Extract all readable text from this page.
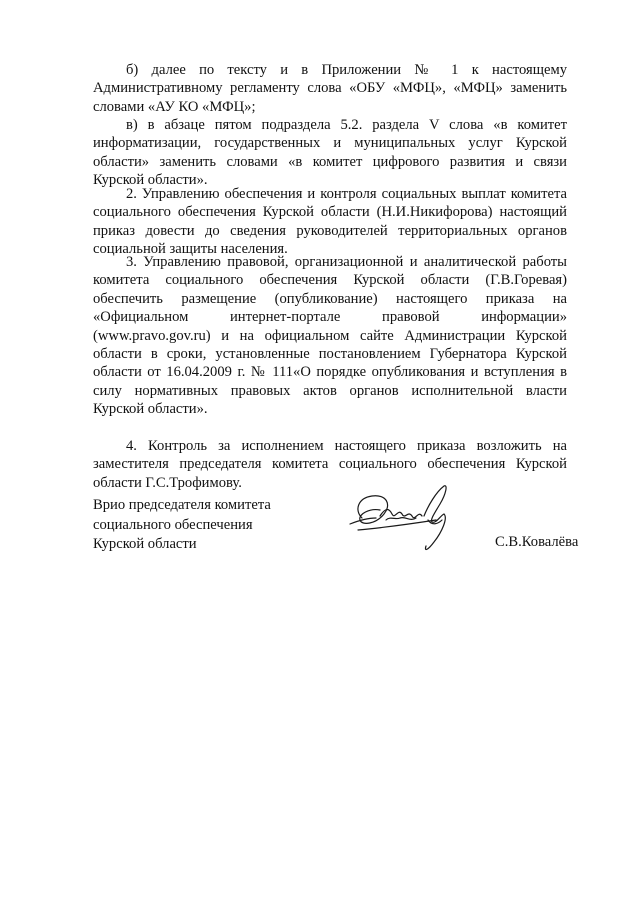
б) далее по тексту и в Приложении № 1 к настоящему Административному регламенту слова «ОБУ «МФЦ», «МФЦ» заменить словами «АУ КО «МФЦ»;

в) в абзаце пятом подраздела 5.2. раздела V слова «в комитет информатизации, государственных и муниципальных услуг Курской области» заменить словами «в комитет цифрового развития и связи Курской области».

2. Управлению обеспечения и контроля социальных выплат комитета социального обеспечения Курской области (Н.И.Никифорова) настоящий приказ довести до сведения руководителей территориальных органов социальной защиты населения.

3. Управлению правовой, организационной и аналитической работы комитета социального обеспечения Курской области (Г.В.Горевая) обеспечить размещение (опубликование) настоящего приказа на «Официальном интернет-портале правовой информации» (www.pravo.gov.ru) и на официальном сайте Администрации Курской области в сроки, установленные постановлением Губернатора Курской области от 16.04.2009 г. № 111«О порядке опубликования и вступления в силу нормативных правовых актов органов исполнительной власти Курской области».

4. Контроль за исполнением настоящего приказа возложить на заместителя председателя комитета социального обеспечения Курской области Г.С.Трофимову.

Врио председателя комитета
социального обеспечения
Курской области	С.В.Ковалёва
